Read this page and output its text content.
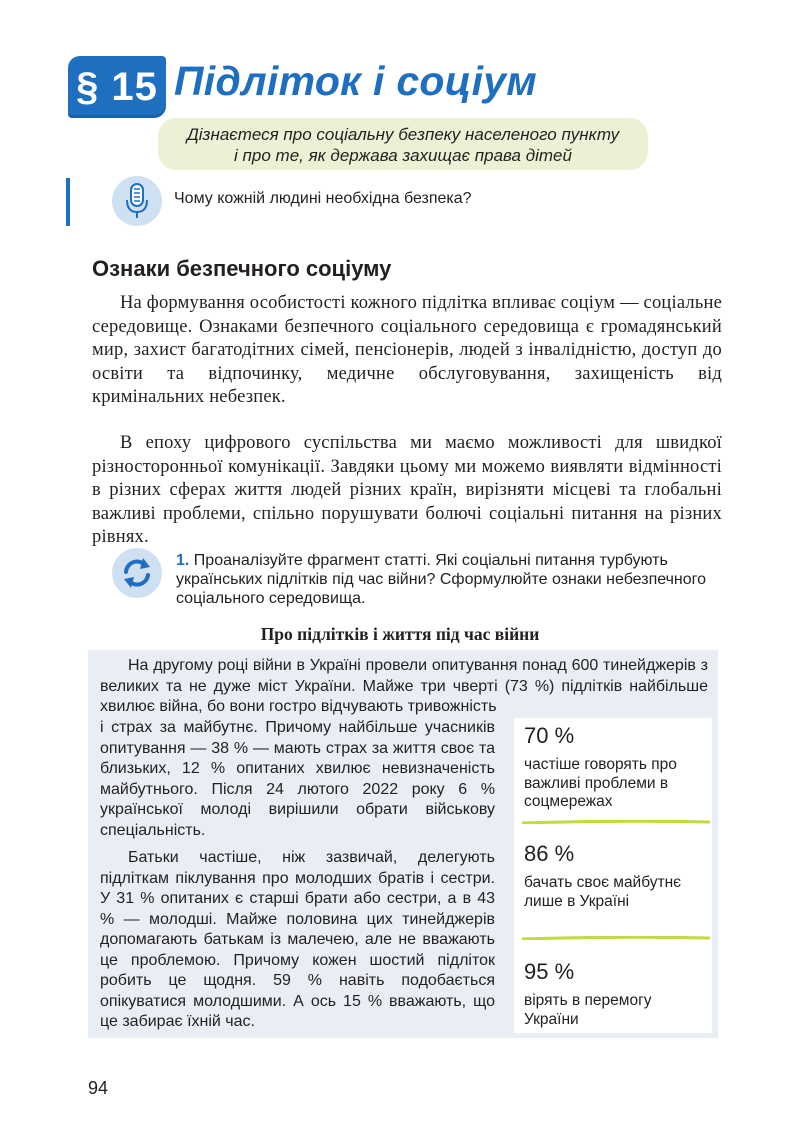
§ 15 Підліток і соціум
Дізнаєтеся про соціальну безпеку населеного пункту
і про те, як держава захищає права дітей
Чому кожній людині необхідна безпека?
Ознаки безпечного соціуму

На формування особистості кожного підлітка впливає соціум — соціальне середовище. Ознаками безпечного соціального середовища є громадянський мир, захист багатодітних сімей, пенсіонерів, людей з інвалідністю, доступ до освіти та відпочинку, медичне обслуговування, захищеність від кримінальних небезпек.

В епоху цифрового суспільства ми маємо можливості для швидкої різносторонньої комунікації. Завдяки цьому ми можемо виявляти відмінності в різних сферах життя людей різних країн, вирізняти місцеві та глобальні важливі проблеми, спільно порушувати болючі соціальні питання на різних рівнях.

1. Проаналізуйте фрагмент статті. Які соціальні питання турбують українських підлітків під час війни? Сформулюйте ознаки небезпечного соціального середовища.
Про підлітків і життя під час війни

На другому році війни в Україні провели опитування понад 600 тинейджерів з великих та не дуже міст України. Майже три чверті (73 %) підлітків найбільше хвилює війна, бо вони гостро відчувають тривожність

і страх за майбутнє. Причому найбільше учасників опитування — 38 % — мають страх за життя своє та близьких, 12 % опитаних хвилює невизначеність майбутнього. Після 24 лютого 2022 року 6 % української молоді вирішили обрати військову спеціальність.

Батьки частіше, ніж зазвичай, делегують підліткам піклування про молодших братів і сестри. У 31 % опитаних є старші брати або сестри, а в 43 % — молодші. Майже половина цих тинейджерів допомагають батькам із малечею, але не вважають це проблемою. Причому кожен шостий підліток робить це щодня. 59 % навіть подобається опікуватися молодшими. А ось 15 % вважають, що це забирає їхній час.

70 %
частіше говорять про важливі проблеми в соцмережах
86 %
бачать своє майбутнє лише в Україні
95 %
вірять в перемогу України
94
